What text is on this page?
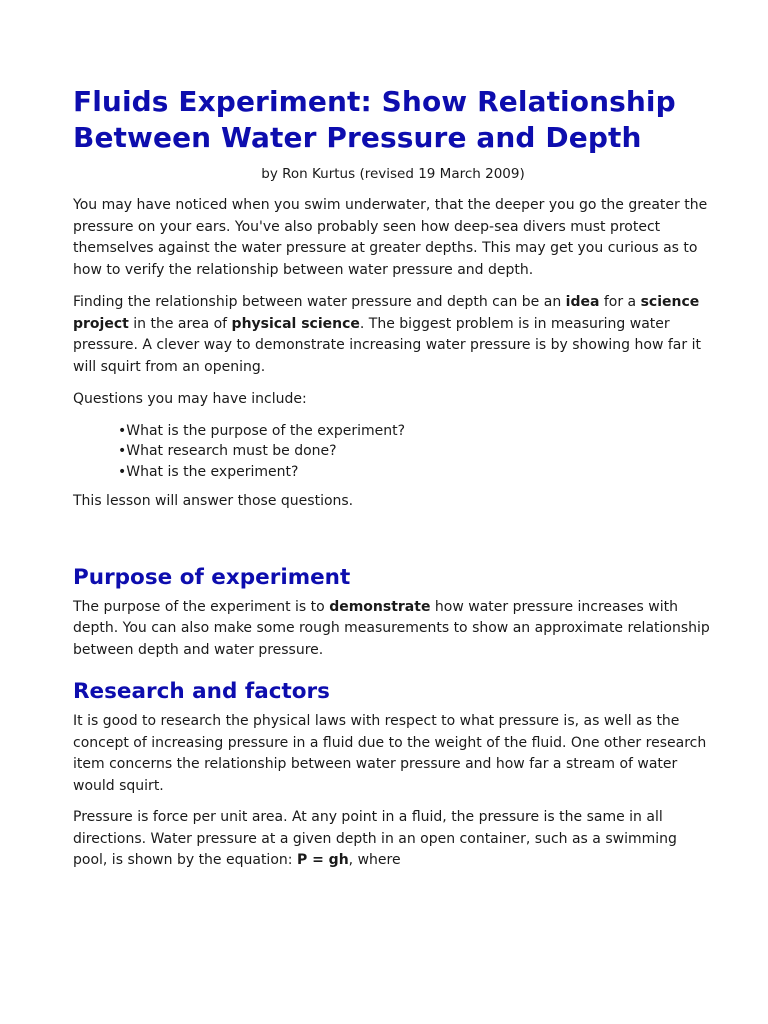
Fluids Experiment: Show Relationship Between Water Pressure and Depth

by Ron Kurtus (revised 19 March 2009)

You may have noticed when you swim underwater, that the deeper you go the greater the pressure on your ears. You've also probably seen how deep-sea divers must protect themselves against the water pressure at greater depths. This may get you curious as to how to verify the relationship between water pressure and depth.

Finding the relationship between water pressure and depth can be an idea for a science project in the area of physical science. The biggest problem is in measuring water pressure. A clever way to demonstrate increasing water pressure is by showing how far it will squirt from an opening.

Questions you may have include:

•What is the purpose of the experiment?
•What research must be done?
•What is the experiment?

This lesson will answer those questions.

Purpose of experiment

The purpose of the experiment is to demonstrate how water pressure increases with depth. You can also make some rough measurements to show an approximate relationship between depth and water pressure.

Research and factors

It is good to research the physical laws with respect to what pressure is, as well as the concept of increasing pressure in a fluid due to the weight of the fluid. One other research item concerns the relationship between water pressure and how far a stream of water would squirt.

Pressure is force per unit area. At any point in a fluid, the pressure is the same in all directions. Water pressure at a given depth in an open container, such as a swimming pool, is shown by the equation: P = gh, where
